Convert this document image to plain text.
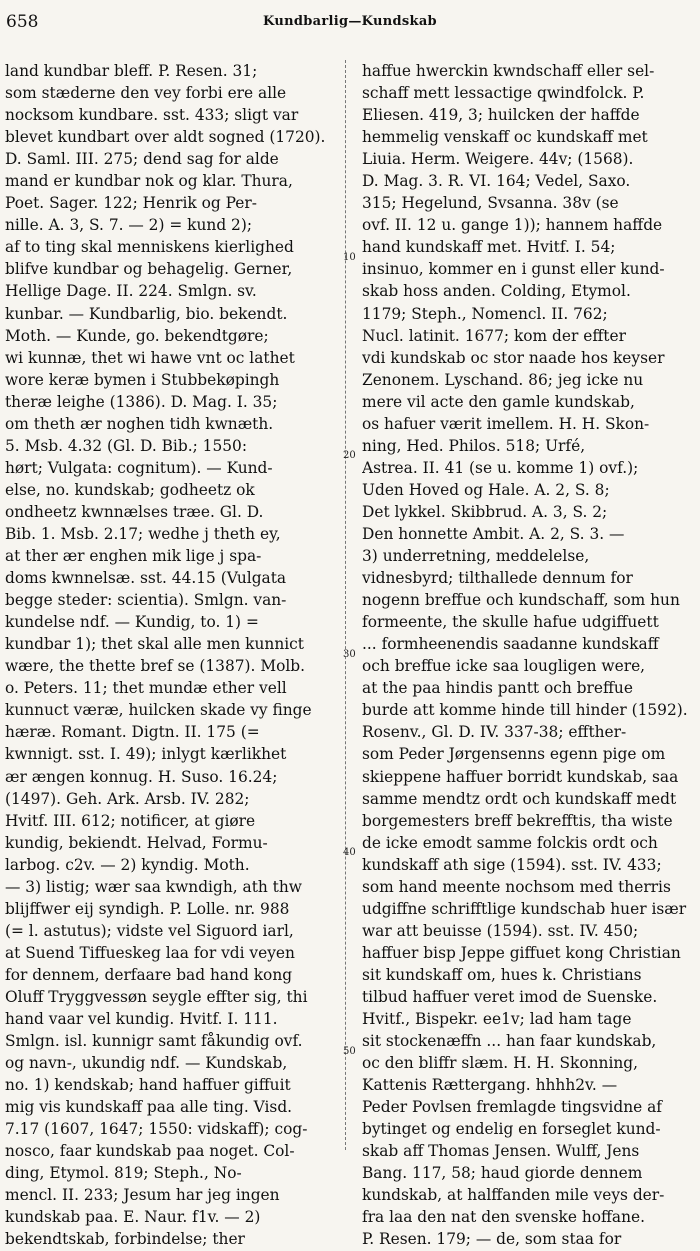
658	Kundbarlig—Kundskab
land kundbar bleff. P. Resen. 31;
som stæderne den vey forbi ere alle
nocksom kundbare. sst. 433; sligt var
blevet kundbart over aldt sogned (1720).
D. Saml. III. 275; dend sag for alde
mand er kundbar nok og klar. Thura,
Poet. Sager. 122; Henrik og Per-
nille. A. 3, S. 7. — 2) = kund 2);
af to ting skal menniskens kierlighed
blifve kundbar og behagelig. Gerner,
Hellige Dage. II. 224. Smlgn. sv.
kunbar. — Kundbarlig, bio. bekendt.
Moth. — Kunde, go. bekendtgøre;
wi kunnæ, thet wi hawe vnt oc lathet
wore keræ bymen i Stubbekøpingh
theræ leighe (1386). D. Mag. I. 35;
om theth ær noghen tidh kwnæth.
5. Msb. 4.32 (Gl. D. Bib.; 1550:
hørt; Vulgata: cognitum). — Kund-
else, no. kundskab; godheetz ok
ondheetz kwnnælses træe. Gl. D.
Bib. 1. Msb. 2.17; wedhe j theth ey,
at ther ær enghen mik lige j spa-
doms kwnnelsæ. sst. 44.15 (Vulgata
begge steder: scientia). Smlgn. van-
kundelse ndf. — Kundig, to. 1) =
kundbar 1); thet skal alle men kunnict
wære, the thette bref se (1387). Molb.
o. Peters. 11; thet mundæ ether vell
kunnuct væræ, huilcken skade vy finge
hæræ. Romant. Digtn. II. 175 (=
kwnnigt. sst. I. 49); inlygt kærlikhet
ær ængen konnug. H. Suso. 16.24;
(1497). Geh. Ark. Arsb. IV. 282;
Hvitf. III. 612; notificer, at giøre
kundig, bekiendt. Helvad, Formu-
larbog. c2v. — 2) kyndig. Moth.
— 3) listig; wær saa kwndigh, ath thw
blijffwer eij syndigh. P. Lolle. nr. 988
(= l. astutus); vidste vel Siguord iarl,
at Suend Tiffueskeg laa for vdi veyen
for dennem, derfaare bad hand kong
Oluff Tryggvessøn seygle effter sig, thi
hand vaar vel kundig. Hvitf. I. 111.
Smlgn. isl. kunnigr samt fåkundig ovf.
og navn-, ukundig ndf. — Kundskab,
no. 1) kendskab; hand haffuer giffuit
mig vis kundskaff paa alle ting. Visd.
7.17 (1607, 1647; 1550: vidskaff); cog-
nosco, faar kundskab paa noget. Col-
ding, Etymol. 819; Steph., No-
mencl. II. 233; Jesum har jeg ingen
kundskab paa. E. Naur. f1v. — 2)
bekendtskab, forbindelse; ther
haffue hwerckin kwndschaff eller sel-
schaff mett lessactige qwindfolck. P.
Eliesen. 419, 3; huilcken der haffde
hemmelig venskaff oc kundskaff met
Liuia. Herm. Weigere. 44v; (1568).
D. Mag. 3. R. VI. 164; Vedel, Saxo.
315; Hegelund, Svsanna. 38v (se
ovf. II. 12 u. gange 1)); hannem haffde
hand kundskaff met. Hvitf. I. 54;
insinuo, kommer en i gunst eller kund-
skab hoss anden. Colding, Etymol.
1179; Steph., Nomencl. II. 762;
Nucl. latinit. 1677; kom der effter
vdi kundskab oc stor naade hos keyser
Zenonem. Lyschand. 86; jeg icke nu
mere vil acte den gamle kundskab,
os hafuer værit imellem. H. H. Skon-
ning, Hed. Philos. 518; Urfé,
Astrea. II. 41 (se u. komme 1) ovf.);
Uden Hoved og Hale. A. 2, S. 8;
Det lykkel. Skibbrud. A. 3, S. 2;
Den honnette Ambit. A. 2, S. 3. —
3) underretning, meddelelse,
vidnesbyrd; tilthallede dennum for
nogenn breffue och kundschaff, som hun
formeente, the skulle hafue udgiffuett
... formheenendis saadanne kundskaff
och breffue icke saa lougligen were,
at the paa hindis pantt och breffue
burde att komme hinde till hinder (1592).
Rosenv., Gl. D. IV. 337-38; effther-
som Peder Jørgensenns egenn pige om
skieppene haffuer borridt kundskab, saa
samme mendtz ordt och kundskaff medt
borgemesters breff bekrefftis, tha wiste
de icke emodt samme folckis ordt och
kundskaff ath sige (1594). sst. IV. 433;
som hand meente nochsom med therris
udgiffne schrifftlige kundschab huer især
war att beuisse (1594). sst. IV. 450;
haffuer bisp Jeppe giffuet kong Christian
sit kundskaff om, hues k. Christians
tilbud haffuer veret imod de Suenske.
Hvitf., Bispekr. ee1v; lad ham tage
sit stockenæffn ... han faar kundskab,
oc den bliffr slæm. H. H. Skonning,
Kattenis Rættergang. hhhh2v. —
Peder Povlsen fremlagde tingsvidne af
bytinget og endelig en forseglet kund-
skab aff Thomas Jensen. Wulff, Jens
Bang. 117, 58; haud giorde dennem
kundskab, at halffanden mile veys der-
fra laa den nat den svenske hoffane.
P. Resen. 179; — de, som staa for
10
20
30
40
50
